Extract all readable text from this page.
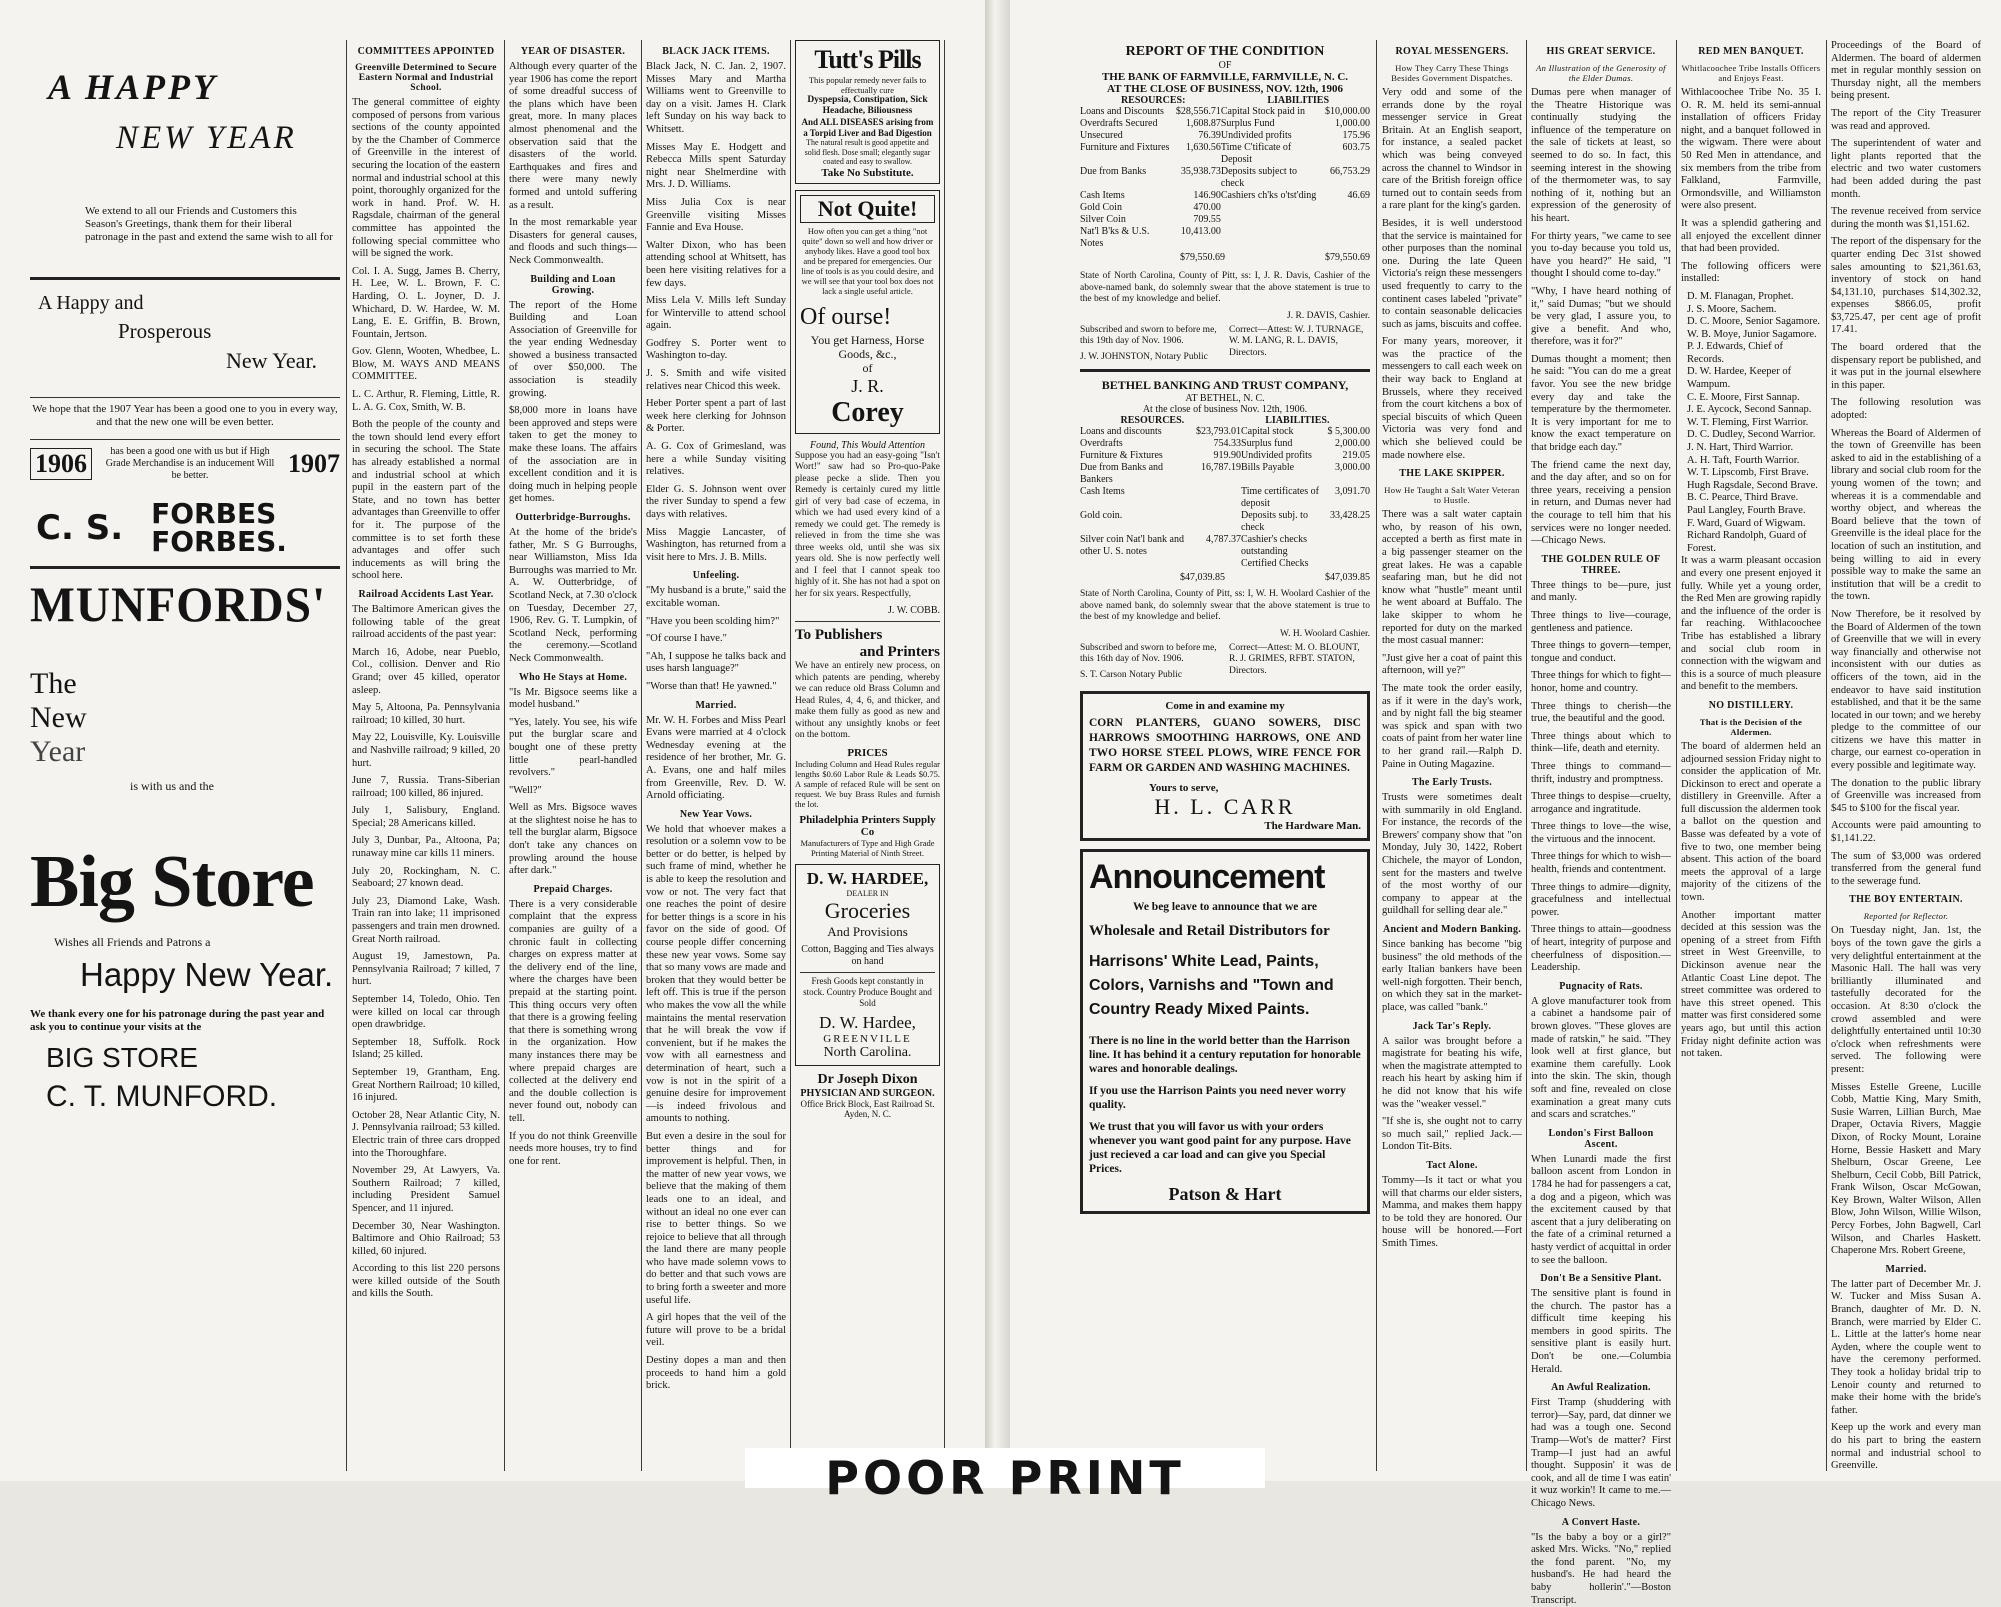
A HAPPY
NEW YEAR
We extend to all our Friends and Customers this Season's Greetings, thank them for their liberal patronage in the past and extend the same wish to all for
A Happy and
Prosperous
New Year.
We hope that the 1907 Year has been a good one to you in every way, and that the new one will be even better.
1906	has been a good one with us but if High Grade Merchandise is an inducement Will be better.	1907
C. S. FORBES
FORBES.
MUNFORDS'
The
New
Year
is with us and the
Big Store
Wishes all Friends and Patrons a
Happy New Year.
We thank every one for his patronage during the past year and ask you to continue your visits at the
BIG STORE
C. T. MUNFORD.
COMMITTEES APPOINTED
Greenville Determined to Secure Eastern Normal and Industrial School.

The general committee of eighty composed of persons from various sections of the county appointed by the the Chamber of Commerce of Greenville in the interest of securing the location of the eastern normal and industrial school at this point, thoroughly organized for the work in hand. Prof. W. H. Ragsdale, chairman of the general committee has appointed the following special committee who will be signed the work.

Col. I. A. Sugg, James B. Cherry, H. Lee, W. L. Brown, F. C. Harding, O. L. Joyner, D. J. Whichard, D. W. Hardee, W. M. Lang, E. E. Griffin, B. Brown, Fountain, Jertson.

Gov. Glenn, Wooten, Whedbee, L. Blow, M. WAYS AND MEANS COMMITTEE.

L. C. Arthur, R. Fleming, Little, R. L. A. G. Cox, Smith, W. B.

Both the people of the county and the town should lend every effort in securing the school. The State has already established a normal and industrial school at which pupil in the eastern part of the State, and no town has better advantages than Greenville to offer for it. The purpose of the committee is to set forth these advantages and offer such inducements as will bring the school here.

Railroad Accidents Last Year.

The Baltimore American gives the following table of the great railroad accidents of the past year:

March 16, Adobe, near Pueblo, Col., collision. Denver and Rio Grand; over 45 killed, operator asleep.

May 5, Altoona, Pa. Pennsylvania railroad; 10 killed, 30 hurt.

May 22, Louisville, Ky. Louisville and Nashville railroad; 9 killed, 20 hurt.

June 7, Russia. Trans-Siberian railroad; 100 killed, 86 injured.

July 1, Salisbury, England. Special; 28 Americans killed.

July 3, Dunbar, Pa., Altoona, Pa; runaway mine car kills 11 miners.

July 20, Rockingham, N. C. Seaboard; 27 known dead.

July 23, Diamond Lake, Wash. Train ran into lake; 11 imprisoned passengers and train men drowned. Great North railroad.

August 19, Jamestown, Pa. Pennsylvania Railroad; 7 killed, 7 hurt.

September 14, Toledo, Ohio. Ten were killed on local car through open drawbridge.

September 18, Suffolk. Rock Island; 25 killed.

September 19, Grantham, Eng. Great Northern Railroad; 10 killed, 16 injured.

October 28, Near Atlantic City, N. J. Pennsylvania railroad; 53 killed. Electric train of three cars dropped into the Thoroughfare.

November 29, At Lawyers, Va. Southern Railroad; 7 killed, including President Samuel Spencer, and 11 injured.

December 30, Near Washington. Baltimore and Ohio Railroad; 53 killed, 60 injured.

According to this list 220 persons were killed outside of the South and kills the South.

YEAR OF DISASTER.

Although every quarter of the year 1906 has come the report of some dreadful success of the plans which have been great, more. In many places almost phenomenal and the observation said that the disasters of the world. Earthquakes and fires and there were many newly formed and untold suffering as a result.

In the most remarkable year Disasters for general causes, and floods and such things—Neck Commonwealth.

Building and Loan Growing.

The report of the Home Building and Loan Association of Greenville for the year ending Wednesday showed a business transacted of over $50,000. The association is steadily growing.

$8,000 more in loans have been approved and steps were taken to get the money to make these loans. The affairs of the association are in excellent condition and it is doing much in helping people get homes.

Outterbridge-Burroughs.

At the home of the bride's father, Mr. S G Burroughs, near Williamston, Miss Ida Burroughs was married to Mr. A. W. Outterbridge, of Scotland Neck, at 7.30 o'clock on Tuesday, December 27, 1906, Rev. G. T. Lumpkin, of Scotland Neck, performing the ceremony.—Scotland Neck Commonwealth.

Who He Stays at Home.

"Is Mr. Bigsoce seems like a model husband."

"Yes, lately. You see, his wife put the burglar scare and bought one of these pretty little pearl-handled revolvers."

"Well?"

Well as Mrs. Bigsoce waves at the slightest noise he has to tell the burglar alarm, Bigsoce don't take any chances on prowling around the house after dark."

Prepaid Charges.

There is a very considerable complaint that the express companies are guilty of a chronic fault in collecting charges on express matter at the delivery end of the line, where the charges have been prepaid at the starting point. This thing occurs very often that there is a growing feeling that there is something wrong in the organization. How many instances there may be where prepaid charges are collected at the delivery end and the double collection is never found out, nobody can tell.

If you do not think Greenville needs more houses, try to find one for rent.

BLACK JACK ITEMS.

Black Jack, N. C. Jan. 2, 1907. Misses Mary and Martha Williams went to Greenville to day on a visit. James H. Clark left Sunday on his way back to Whitsett.

Misses May E. Hodgett and Rebecca Mills spent Saturday night near Shelmerdine with Mrs. J. D. Williams.

Miss Julia Cox is near Greenville visiting Misses Fannie and Eva House.

Walter Dixon, who has been attending school at Whitsett, has been here visiting relatives for a few days.

Miss Lela V. Mills left Sunday for Winterville to attend school again.

Godfrey S. Porter went to Washington to-day.

J. S. Smith and wife visited relatives near Chicod this week.

Heber Porter spent a part of last week here clerking for Johnson & Porter.

A. G. Cox of Grimesland, was here a while Sunday visiting relatives.

Elder G. S. Johnson went over the river Sunday to spend a few days with relatives.

Miss Maggie Lancaster, of Washington, has returned from a visit here to Mrs. J. B. Mills.

Unfeeling.

"My husband is a brute," said the excitable woman.

"Have you been scolding him?"

"Of course I have."

"Ah, I suppose he talks back and uses harsh language?"

"Worse than that! He yawned."

Married.

Mr. W. H. Forbes and Miss Pearl Evans were married at 4 o'clock Wednesday evening at the residence of her brother, Mr. G. A. Evans, one and half miles from Greenville, Rev. D. W. Arnold officiating.

New Year Vows.

We hold that whoever makes a resolution or a solemn vow to be better or do better, is helped by such frame of mind, whether he is able to keep the resolution and vow or not. The very fact that one reaches the point of desire for better things is a score in his favor on the side of good. Of course people differ concerning these new year vows. Some say that so many vows are made and broken that they would better be left off. This is true if the person who makes the vow all the while maintains the mental reservation that he will break the vow if convenient, but if he makes the vow with all earnestness and determination of heart, such a vow is not in the spirit of a genuine desire for improvement—is indeed frivolous and amounts to nothing.

But even a desire in the soul for better things and for improvement is helpful. Then, in the matter of new year vows, we believe that the making of them leads one to an ideal, and without an ideal no one ever can rise to better things. So we rejoice to believe that all through the land there are many people who have made solemn vows to do better and that such vows are to bring forth a sweeter and more useful life.

A girl hopes that the veil of the future will prove to be a bridal veil.

Destiny dopes a man and then proceeds to hand him a gold brick.

Tutt's Pills
This popular remedy never fails to effectually cure
Dyspepsia, Constipation, Sick Headache, Biliousness
And ALL DISEASES arising from a Torpid Liver and Bad Digestion
The natural result is good appetite and solid flesh. Dose small; elegantly sugar coated and easy to swallow.
Take No Substitute.
Not Quite!
How often you can get a thing "not quite" down so well and how driver or anybody likes. Have a good tool box and be prepared for emergencies. Our line of tools is as you could desire, and we will see that your tool box does not lack a single useful article.
Of ourse!
You get Harness, Horse Goods, &c.,
of
J. R.
Corey
Found, This Would Attention

Suppose you had an easy-going "Isn't Wort!" saw had so Pro-quo-Pake please pecke a slide. Then you Remedy is certainly cured my little girl of very bad case of eczema, in which we had used every kind of a remedy we could get. The remedy is relieved in from the time she was three weeks old, until she was six years old. She is now perfectly well and I feel that I cannot speak too highly of it. She has not had a spot on her for six years. Respectfully,

J. W. COBB.
To Publishers
and Printers

We have an entirely new process, on which patents are pending, whereby we can reduce old Brass Column and Head Rules, 4, 4, 6, and thicker, and make them fully as good as new and without any unsightly knobs or feet on the bottom.

PRICES

Including Column and Head Rules regular lengths $0.60 Labor Rule & Leads $0.75. A sample of refaced Rule will be sent on request. We buy Brass Rules and furnish the lot.

Philadelphia Printers Supply Co
Manufacturers of Type and High Grade Printing Material of Ninth Street.
D. W. HARDEE,
DEALER IN
Groceries
And Provisions
Cotton, Bagging and Ties always on hand
Fresh Goods kept constantly in stock. Country Produce Bought and Sold
D. W. Hardee,
GREENVILLE
North Carolina.
Dr Joseph Dixon
PHYSICIAN AND SURGEON.
Office Brick Block, East Railroad St. Ayden, N. C.
REPORT OF THE CONDITION
OF
THE BANK OF FARMVILLE, FARMVILLE, N. C.
AT THE CLOSE OF BUSINESS, NOV. 12th, 1906
RESOURCES:	LIABILITIES
Loans and Discounts	$28,556.71	Capital Stock paid in	$10,000.00
Overdrafts Secured	1,608.87	Surplus Fund	1,000.00
Unsecured	76.39	Undivided profits	175.96
Furniture and Fixtures	1,630.56	Time C'tificate of Deposit	603.75
Due from Banks	35,938.73	Deposits subject to check	66,753.29
Cash Items	146.90	Cashiers ch'ks o'tst'ding	46.69
Gold Coin	470.00		
Silver Coin	709.55		
Nat'l B'ks & U.S. Notes	10,413.00		
$79,550.69	$79,550.69

State of North Carolina, County of Pitt, ss: I, J. R. Davis, Cashier of the above-named bank, do solemnly swear that the above statement is true to the best of my knowledge and belief.

J. R. DAVIS, Cashier.
Subscribed and sworn to before me, this 19th day of Nov. 1906.
J. W. JOHNSTON, Notary Public
Correct—Attest: W. J. TURNAGE, W. M. LANG, R. L. DAVIS, Directors.
BETHEL BANKING AND TRUST COMPANY,
AT BETHEL, N. C.
At the close of business Nov. 12th, 1906.
RESOURCES.	LIABILITIES.
Loans and discounts	$23,793.01	Capital stock	$ 5,300.00
Overdrafts	754.33	Surplus fund	2,000.00
Furniture & Fixtures	919.90	Undivided profits	219.05
Due from Banks and Bankers	16,787.19	Bills Payable	3,000.00
Cash Items		Time certificates of deposit	3,091.70
Gold coin.		Deposits subj. to check	33,428.25
Silver coin Nat'l bank and other U. S. notes	4,787.37	Cashier's checks outstanding	
		Certified Checks	
$47,039.85	$47,039.85

State of North Carolina, County of Pitt, ss: I, W. H. Woolard Cashier of the above named bank, do solemnly swear that the above statement is true to the best of my knowledge and belief.

W. H. Woolard Cashier.
Subscribed and sworn to before me, this 16th day of Nov. 1906.
S. T. Carson Notary Public
Correct—Attest: M. O. BLOUNT, R. J. GRIMES, RFBT. STATON, Directors.
Come in and examine my
CORN PLANTERS, GUANO SOWERS, DISC HARROWS SMOOTHING HARROWS, ONE AND TWO HORSE STEEL PLOWS, WIRE FENCE FOR FARM OR GARDEN AND WASHING MACHINES.
Yours to serve,
H. L. CARR
The Hardware Man.
Announcement
We beg leave to announce that we are
Wholesale and Retail Distributors for
Harrisons' White Lead, Paints, Colors, Varnishs and "Town and Country Ready Mixed Paints.
There is no line in the world better than the Harrison line. It has behind it a century reputation for honorable wares and honorable dealings.
If you use the Harrison Paints you need never worry quality.
We trust that you will favor us with your orders whenever you want good paint for any purpose. Have just recieved a car load and can give you Special Prices.
Patson & Hart
ROYAL MESSENGERS.
How They Carry These Things Besides Government Dispatches.

Very odd and some of the errands done by the royal messenger service in Great Britain. At an English seaport, for instance, a sealed packet which was being conveyed across the channel to Windsor in care of the British foreign office turned out to contain seeds from a rare plant for the king's garden.

Besides, it is well understood that the service is maintained for other purposes than the nominal one. During the late Queen Victoria's reign these messengers used frequently to carry to the continent cases labeled "private" to contain seasonable delicacies such as jams, biscuits and coffee.

For many years, moreover, it was the practice of the messengers to call each week on their way back to England at Brussels, where they received from the court kitchens a box of special biscuits of which Queen Victoria was very fond and which she believed could be made nowhere else.

THE LAKE SKIPPER.
How He Taught a Salt Water Veteran to Hustle.

There was a salt water captain who, by reason of his own, accepted a berth as first mate in a big passenger steamer on the great lakes. He was a capable seafaring man, but he did not know what "hustle" meant until he went aboard at Buffalo. The lake skipper to whom he reported for duty on the marked the most casual manner:

"Just give her a coat of paint this afternoon, will ye?"

The mate took the order easily, as if it were in the day's work, and by night fall the big steamer was spick and span with two coats of paint from her water line to her grand rail.—Ralph D. Paine in Outing Magazine.

The Early Trusts.

Trusts were sometimes dealt with summarily in old England. For instance, the records of the Brewers' company show that "on Monday, July 30, 1422, Robert Chichele, the mayor of London, sent for the masters and twelve of the most worthy of our company to appear at the guildhall for selling dear ale."

Ancient and Modern Banking.

Since banking has become "big business" the old methods of the early Italian bankers have been well-nigh forgotten. Their bench, on which they sat in the market-place, was called "bank."

Jack Tar's Reply.

A sailor was brought before a magistrate for beating his wife, when the magistrate attempted to reach his heart by asking him if he did not know that his wife was the "weaker vessel."

"If she is, she ought not to carry so much sail," replied Jack.—London Tit-Bits.

Tact Alone.

Tommy—Is it tact or what you will that charms our elder sisters, Mamma, and makes them happy to be told they are honored. Our house will be honored.—Fort Smith Times.

HIS GREAT SERVICE.
An Illustration of the Generosity of the Elder Dumas.

Dumas pere when manager of the Theatre Historique was continually studying the influence of the temperature on the sale of tickets at least, so seemed to do so. In fact, this seeming interest in the showing of the thermometer was, to say nothing of it, nothing but an expression of the generosity of his heart.

For thirty years, "we came to see you to-day because you told us, have you heard?" He said, "I thought I should come to-day."

"Why, I have heard nothing of it," said Dumas; "but we should be very glad, I assure you, to give a benefit. And who, therefore, was it for?"

Dumas thought a moment; then he said: "You can do me a great favor. You see the new bridge every day and take the temperature by the thermometer. It is very important for me to know the exact temperature on that bridge each day."

The friend came the next day, and the day after, and so on for three years, receiving a pension in return, and Dumas never had the courage to tell him that his services were no longer needed.—Chicago News.

THE GOLDEN RULE OF THREE.

Three things to be—pure, just and manly.

Three things to live—courage, gentleness and patience.

Three things to govern—temper, tongue and conduct.

Three things for which to fight—honor, home and country.

Three things to cherish—the true, the beautiful and the good.

Three things about which to think—life, death and eternity.

Three things to command—thrift, industry and promptness.

Three things to despise—cruelty, arrogance and ingratitude.

Three things to love—the wise, the virtuous and the innocent.

Three things for which to wish—health, friends and contentment.

Three things to admire—dignity, gracefulness and intellectual power.

Three things to attain—goodness of heart, integrity of purpose and cheerfulness of disposition.—Leadership.

Pugnacity of Rats.

A glove manufacturer took from a cabinet a handsome pair of brown gloves. "These gloves are made of ratskin," he said. "They look well at first glance, but examine them carefully. Look into the skin. The skin, though soft and fine, revealed on close examination a great many cuts and scars and scratches."

London's First Balloon Ascent.

When Lunardi made the first balloon ascent from London in 1784 he had for passengers a cat, a dog and a pigeon, which was the excitement caused by that ascent that a jury deliberating on the fate of a criminal returned a hasty verdict of acquittal in order to see the balloon.

Don't Be a Sensitive Plant.

The sensitive plant is found in the church. The pastor has a difficult time keeping his members in good spirits. The sensitive plant is easily hurt. Don't be one.—Columbia Herald.

An Awful Realization.

First Tramp (shuddering with terror)—Say, pard, dat dinner we had was a tough one. Second Tramp—Wot's de matter? First Tramp—I just had an awful thought. Supposin' it was de cook, and all de time I was eatin' it wuz workin'! It came to me.—Chicago News.

A Convert Haste.

"Is the baby a boy or a girl?" asked Mrs. Wicks. "No," replied the fond parent. "No, my husband's. He had heard the baby hollerin'."—Boston Transcript.

RED MEN BANQUET.
Whitlacoochee Tribe Installs Officers and Enjoys Feast.

Withlacoochee Tribe No. 35 I. O. R. M. held its semi-annual installation of officers Friday night, and a banquet followed in the wigwam. There were about 50 Red Men in attendance, and six members from the tribe from Falkland, Farmville, Ormondsville, and Williamston were also present.

It was a splendid gathering and all enjoyed the excellent dinner that had been provided.

The following officers were installed:

D. M. Flanagan, Prophet.
J. S. Moore, Sachem.
D. C. Moore, Senior Sagamore.
W. B. Moye, Junior Sagamore.
P. J. Edwards, Chief of Records.
D. W. Hardee, Keeper of Wampum.
C. E. Moore, First Sannap.
J. E. Aycock, Second Sannap.
W. T. Fleming, First Warrior.
D. C. Dudley, Second Warrior.
J. N. Hart, Third Warrior.
A. H. Taft, Fourth Warrior.
W. T. Lipscomb, First Brave.
Hugh Ragsdale, Second Brave.
B. C. Pearce, Third Brave.
Paul Langley, Fourth Brave.
F. Ward, Guard of Wigwam.
Richard Randolph, Guard of Forest.

It was a warm pleasant occasion and every one present enjoyed it fully. While yet a young order, the Red Men are growing rapidly and the influence of the order is far reaching. Withlacoochee Tribe has established a library and social club room in connection with the wigwam and this is a source of much pleasure and benefit to the members.

NO DISTILLERY.
That is the Decision of the Aldermen.

The board of aldermen held an adjourned session Friday night to consider the application of Mr. Dickinson to erect and operate a distillery in Greenville. After a full discussion the aldermen took a ballot on the question and Basse was defeated by a vote of five to two, one member being absent. This action of the board meets the approval of a large majority of the citizens of the town.

Another important matter decided at this session was the opening of a street from Fifth street in West Greenville, to Dickinson avenue near the Atlantic Coast Line depot. The street committee was ordered to have this street opened. This matter was first considered some years ago, but until this action Friday night definite action was not taken.

Proceedings of the Board of Aldermen. The board of aldermen met in regular monthly session on Thursday night, all the members being present.

The report of the City Treasurer was read and approved.

The superintendent of water and light plants reported that the electric and two water customers had been added during the past month.

The revenue received from service during the month was $1,151.62.

The report of the dispensary for the quarter ending Dec 31st showed sales amounting to $21,361.63, inventory of stock on hand $4,131.10, purchases $14,302.32, expenses $866.05, profit $3,725.47, per cent age of profit 17.41.

The board ordered that the dispensary report be published, and it was put in the journal elsewhere in this paper.

The following resolution was adopted:

Whereas the Board of Aldermen of the town of Greenville has been asked to aid in the establishing of a library and social club room for the young women of the town; and whereas it is a commendable and worthy object, and whereas the Board believe that the town of Greenville is the ideal place for the location of such an institution, and being willing to aid in every possible way to make the same an institution that will be a credit to the town.

Now Therefore, be it resolved by the Board of Aldermen of the town of Greenville that we will in every way financially and otherwise not inconsistent with our duties as officers of the town, aid in the endeavor to have said institution established, and that it be the same located in our town; and we hereby pledge to the committee of our citizens we have this matter in charge, our earnest co-operation in every possible and legitimate way.

The donation to the public library of Greenville was increased from $45 to $100 for the fiscal year.

Accounts were paid amounting to $1,141.22.

The sum of $3,000 was ordered transferred from the general fund to the sewerage fund.

THE BOY ENTERTAIN.
Reported for Reflector.

On Tuesday night, Jan. 1st, the boys of the town gave the girls a very delightful entertainment at the Masonic Hall. The hall was very brilliantly illuminated and tastefully decorated for the occasion. At 8:30 o'clock the crowd assembled and were delightfully entertained until 10:30 o'clock when refreshments were served. The following were present:

Misses Estelle Greene, Lucille Cobb, Mattie King, Mary Smith, Susie Warren, Lillian Burch, Mae Draper, Octavia Rivers, Maggie Dixon, of Rocky Mount, Loraine Horne, Bessie Haskett and Mary Shelburn, Oscar Greene, Lee Shelburn, Cecil Cobb, Bill Patrick, Frank Wilson, Oscar McGowan, Key Brown, Walter Wilson, Allen Blow, John Wilson, Willie Wilson, Percy Forbes, John Bagwell, Carl Wilson, and Charles Haskett. Chaperone Mrs. Robert Greene,

Married.

The latter part of December Mr. J. W. Tucker and Miss Susan A. Branch, daughter of Mr. D. N. Branch, were married by Elder C. L. Little at the latter's home near Ayden, where the couple went to have the ceremony performed. They took a holiday bridal trip to Lenoir county and returned to make their home with the bride's father.

Keep up the work and every man do his part to bring the eastern normal and industrial school to Greenville.

POOR PRINT
